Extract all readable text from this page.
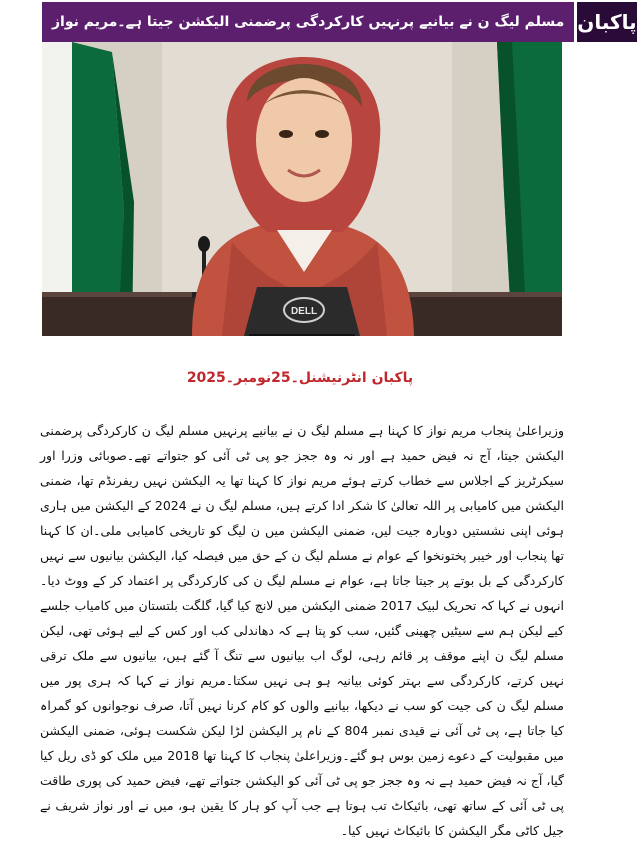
مسلم لیگ ن نے بیانیے پرنہیں کارکردگی پرضمنی الیکشن جیتا ہے۔مریم نواز پاکبان
DELL
پاکبان انٹرنیشنل۔25نومبر۔2025
وزیراعلیٰ پنجاب مریم نواز کا کہنا ہے مسلم لیگ ن نے بیانیے پرنہیں مسلم لیگ ن کارکردگی پرضمنی الیکشن جیتا، آج نہ فیض حمید ہے اور نہ وہ ججز جو پی ٹی آئی کو جتواتے تھے۔صوبائی وزرا اور سیکرٹریز کے اجلاس سے خطاب کرتے ہوئے مریم نواز کا کہنا تھا یہ الیکشن نہیں ریفرنڈم تھا، ضمنی الیکشن میں کامیابی پر اللہ تعالیٰ کا شکر ادا کرتے ہیں، مسلم لیگ ن نے 2024 کے الیکشن میں ہاری ہوئی اپنی نشستیں دوبارہ جیت لیں، ضمنی الیکشن میں ن لیگ کو تاریخی کامیابی ملی۔ان کا کہنا تھا پنجاب اور خیبر پختونخوا کے عوام نے مسلم لیگ ن کے حق میں فیصلہ کیا، الیکشن بیانیوں سے نہیں کارکردگی کے بل بوتے پر جیتا جاتا ہے، عوام نے مسلم لیگ ن کی کارکردگی پر اعتماد کر کے ووٹ دیا۔انہوں نے کہا کہ تحریک لبیک 2017 ضمنی الیکشن میں لانچ کیا گیا، گلگت بلتستان میں کامیاب جلسے کیے لیکن ہم سے سیٹیں چھینی گئیں، سب کو پتا ہے کہ دھاندلی کب اور کس کے لیے ہوئی تھی، لیکن مسلم لیگ ن اپنے موقف پر قائم رہی، لوگ اب بیانیوں سے تنگ آ گئے ہیں، بیانیوں سے ملک ترقی نہیں کرتے، کارکردگی سے بہتر کوئی بیانیہ ہو ہی نہیں سکتا۔مریم نواز نے کہا کہ ہری پور میں مسلم لیگ ن کی جیت کو سب نے دیکھا، بیانیے والوں کو کام کرنا نہیں آتا، صرف نوجوانوں کو گمراہ کیا جاتا ہے، پی ٹی آئی نے قیدی نمبر 804 کے نام پر الیکشن لڑا لیکن شکست ہوئی، ضمنی الیکشن میں مقبولیت کے دعوے زمین بوس ہو گئے۔وزیراعلیٰ پنجاب کا کہنا تھا 2018 میں ملک کو ڈی ریل کیا گیا، آج نہ فیض حمید ہے نہ وہ ججز جو پی ٹی آئی کو الیکشن جتواتے تھے، فیض حمید کی پوری طاقت پی ٹی آئی کے ساتھ تھی، بائیکاٹ تب ہوتا ہے جب آپ کو ہار کا یقین ہو، میں نے اور نواز شریف نے جیل کاٹی مگر الیکشن کا بائیکاٹ نہیں کیا۔
